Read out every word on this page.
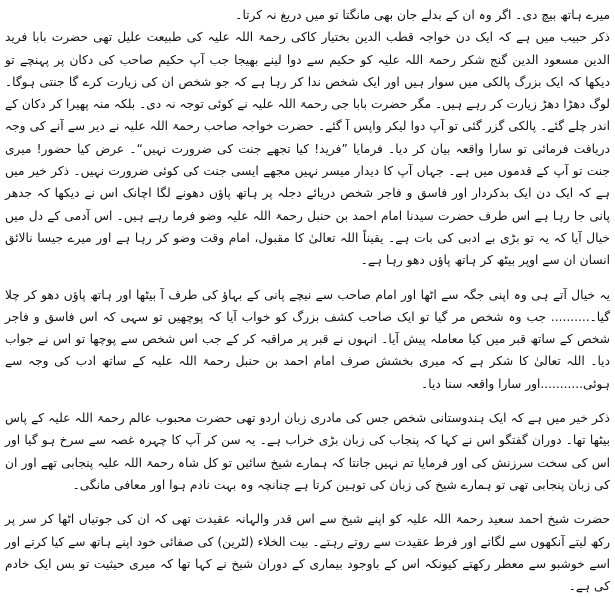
میرے ہاتھ بیچ دی۔ اگر وہ ان کے بدلے جان بھی مانگتا تو میں دریغ نہ کرتا۔

ذکر حبیب میں ہے کہ ایک دن خواجہ قطب الدین بختیار کاکی رحمۃ اللہ علیہ کی طبیعت علیل تھی حضرت بابا فرید الدین مسعود الدین گنج شکر رحمۃ اللہ علیہ کو حکیم سے دوا لینے بھیجا جب آپ حکیم صاحب کی دکان پر پہنچے تو دیکھا کہ ایک بزرگ پالکی میں سوار ہیں اور ایک شخص ندا کر رہا ہے کہ جو شخص ان کی زیارت کرے گا جنتی ہوگا۔ لوگ دھڑا دھڑ زیارت کر رہے ہیں۔ مگر حضرت بابا جی رحمۃ اللہ علیہ نے کوئی توجہ نہ دی۔ بلکہ منہ پھیرا کر دکان کے اندر چلے گئے۔ پالکی گزر گئی تو آپ دوا لیکر واپس آ گئے۔ حضرت خواجہ صاحب رحمۃ اللہ علیہ نے دیر سے آنے کی وجہ دریافت فرمائی تو سارا واقعہ بیان کر دیا۔ فرمایا ”فرید! کیا تجھے جنت کی ضرورت نہیں“۔ عرض کیا حضور! میری جنت تو آپ کے قدموں میں ہے۔ جہاں آپ کا دیدار میسر نہیں مجھے ایسی جنت کی کوئی ضرورت نہیں۔ ذکر خیر میں ہے کہ ایک دن ایک بدکردار اور فاسق و فاجر شخص دریائے دجلہ پر ہاتھ پاؤں دھونے لگا اچانک اس نے دیکھا کہ جدھر پانی جا رہا ہے اس طرف حضرت سیدنا امام احمد بن حنبل رحمۃ اللہ علیہ وضو فرما رہے ہیں۔ اس آدمی کے دل میں خیال آیا کہ یہ تو بڑی بے ادبی کی بات ہے۔ یقیناً اللہ تعالیٰ کا مقبول، امام وقت وضو کر رہا ہے اور میرے جیسا نالائق انسان ان سے اوپر بیٹھ کر ہاتھ پاؤں دھو رہا ہے۔

یہ خیال آتے ہی وہ اپنی جگہ سے اٹھا اور امام صاحب سے نیچے پانی کے بہاؤ کی طرف آ بیٹھا اور ہاتھ پاؤں دھو کر چلا گیا۔.......... جب وہ شخص مر گیا تو ایک صاحب کشف بزرگ کو خواب آیا کہ پوچھیں تو سہی کہ اس فاسق و فاجر شخص کے ساتھ قبر میں کیا معاملہ پیش آیا۔ انہوں نے قبر پر مراقبہ کر کے جب اس شخص سے پوچھا تو اس نے جواب دیا۔ اللہ تعالیٰ کا شکر ہے کہ میری بخشش صرف امام احمد بن حنبل رحمۃ اللہ علیہ کے ساتھ ادب کی وجہ سے ہوئی...........اور سارا واقعہ سنا دیا۔

ذکر خیر میں ہے کہ ایک ہندوستانی شخص جس کی مادری زبان اردو تھی حضرت محبوب عالم رحمۃ اللہ علیہ کے پاس بیٹھا تھا۔ دوران گفتگو اس نے کہا کہ پنجاب کی زبان بڑی خراب ہے۔ یہ سن کر آپ کا چہرہ غصہ سے سرخ ہو گیا اور اس کی سخت سرزنش کی اور فرمایا تم نہیں جانتا کہ ہمارے شیخ سائیں تو کل شاہ رحمۃ اللہ علیہ پنجابی تھے اور ان کی زبان پنجابی تھی تو ہمارے شیخ کی زبان کی توہین کرتا ہے چنانچہ وہ بہت نادم ہوا اور معافی مانگی۔

حضرت شیخ احمد سعید رحمۃ اللہ علیہ کو اپنے شیخ سے اس قدر والہانہ عقیدت تھی کہ ان کی جوتیاں اٹھا کر سر پر رکھ لیتے آنکھوں سے لگاتے اور فرط عقیدت سے روتے رہتے۔ بیت الخلاء (لٹرین) کی صفائی خود اپنے ہاتھ سے کیا کرتے اور اسے خوشبو سے معطر رکھتے کیونکہ اس کے باوجود بیماری کے دوران شیخ نے کہا تھا کہ میری حیثیت تو بس ایک خادم کی ہے۔
